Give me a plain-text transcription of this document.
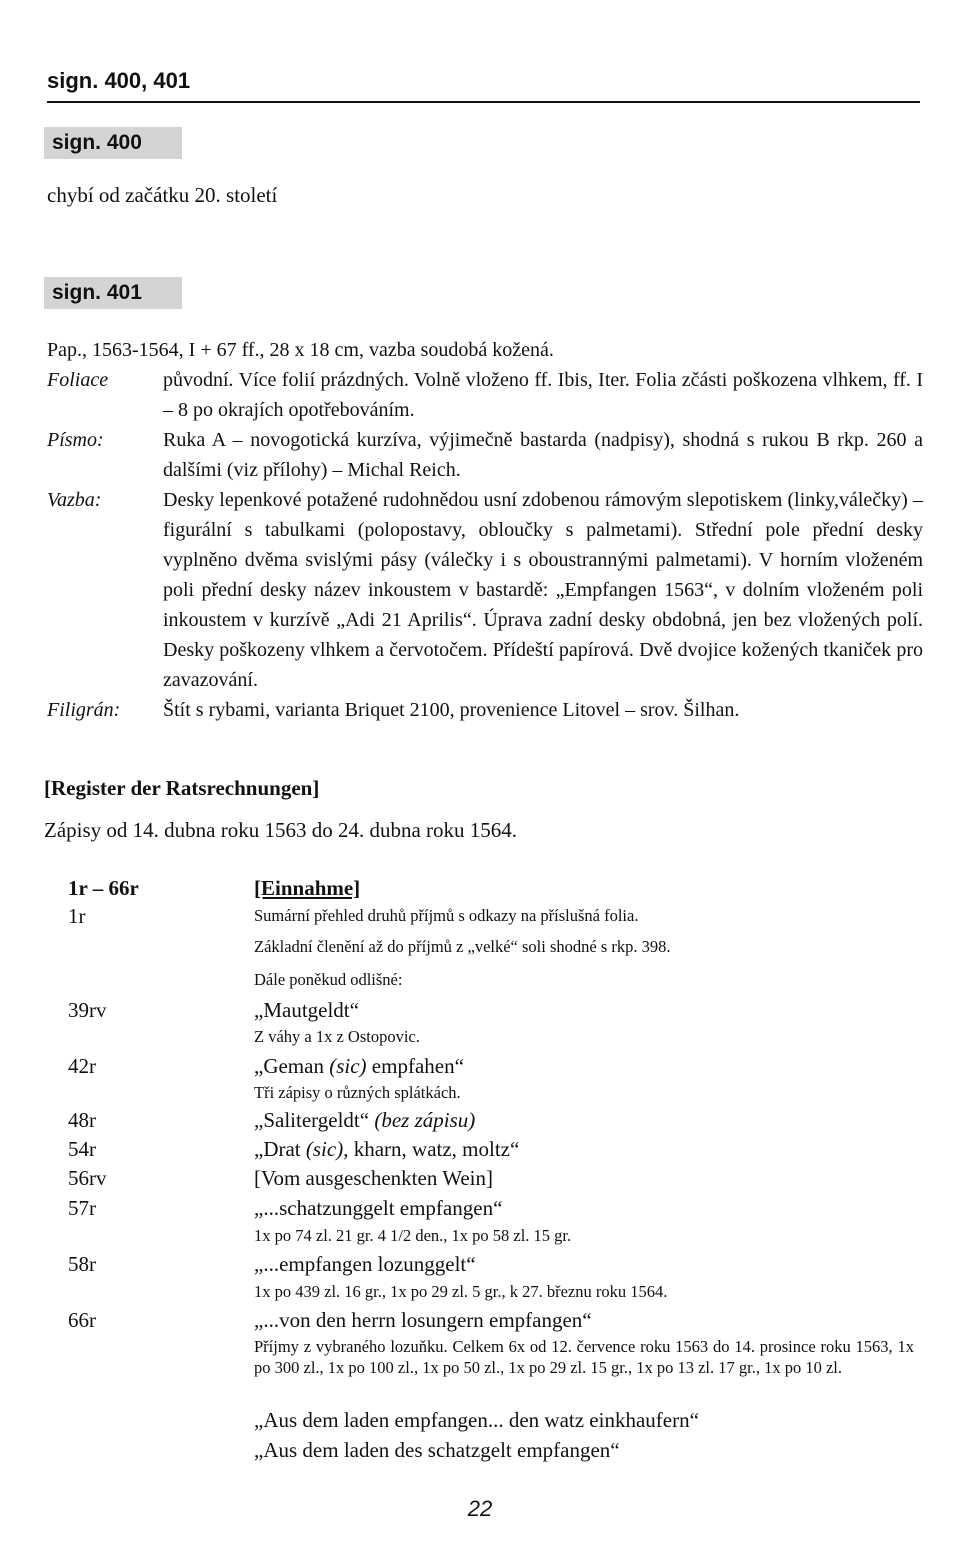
sign. 400, 401
sign. 400
chybí od začátku 20. století
sign. 401
Pap., 1563-1564, I + 67 ff., 28 x 18 cm, vazba soudobá kožená.
Foliace	původní. Více folií prázdných. Volně vloženo ff. Ibis, Iter. Folia zčásti poškozena vlhkem, ff. I – 8 po okrajích opotřebováním.
Písmo:	Ruka A – novogotická kurzíva, výjimečně bastarda (nadpisy), shodná s rukou B rkp. 260 a dalšími (viz přílohy) – Michal Reich.
Vazba:	Desky lepenkové potažené rudohnědou usní zdobenou rámovým slepotiskem (linky,válečky) – figurální s tabulkami (polopostavy, obloučky s palmetami). Střední pole přední desky vyplněno dvěma svislými pásy (válečky i s oboustrannými palmetami). V horním vloženém poli přední desky název inkoustem v bastardě: „Empfangen 1563“, v dolním vloženém poli inkoustem v kurzívě „Adi 21 Aprilis“. Úprava zadní desky obdobná, jen bez vložených polí. Desky poškozeny vlhkem a červotočem. Přídeští papírová. Dvě dvojice kožených tkaniček pro zavazování.
Filigrán:	Štít s rybami, varianta Briquet 2100, provenience Litovel – srov. Šilhan.
[Register der Ratsrechnungen]
Zápisy od 14. dubna roku 1563 do 24. dubna roku 1564.
1r – 66r	[Einnahme]
1r	Sumární přehled druhů příjmů s odkazy na příslušná folia.
Základní členění až do příjmů z „velké“ soli shodné s rkp. 398.
Dále poněkud odlišné:
39rv	„Mautgeldt“
Z váhy a 1x z Ostopovic.
42r	„Geman (sic) empfahen“
Tři zápisy o různých splátkách.
48r	„Salitergeldt“ (bez zápisu)
54r	„Drat (sic), kharn, watz, moltz“
56rv	[Vom ausgeschenkten Wein]
57r	„...schatzunggelt empfangen“
1x po 74 zl. 21 gr. 4 1/2 den., 1x po 58 zl. 15 gr.
58r	„...empfangen lozunggelt“
1x po 439 zl. 16 gr., 1x po 29 zl. 5 gr., k 27. březnu roku 1564.
66r	„...von den herrn losungern empfangen“
Příjmy z vybraného lozuňku. Celkem 6x od 12. července roku 1563 do 14. prosince roku 1563, 1x po 300 zl., 1x po 100 zl., 1x po 50 zl., 1x po 29 zl. 15 gr., 1x po 13 zl. 17 gr., 1x po 10 zl.
„Aus dem laden empfangen... den watz einkhaufern“
„Aus dem laden des schatzgelt empfangen“
22
